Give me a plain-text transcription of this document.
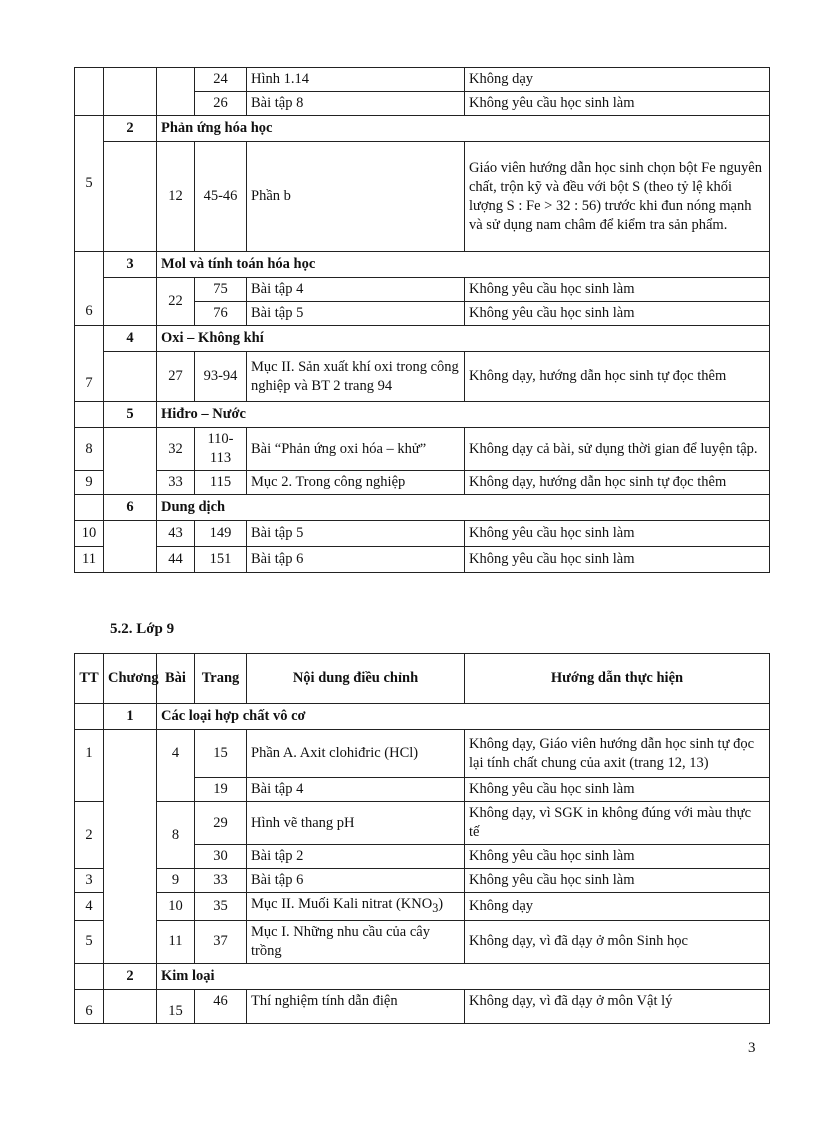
			24	Hình 1.14	Không dạy
			26	Bài tập 8	Không yêu cầu học sinh làm
5	2	Phản ứng hóa học			
		12	45-46	Phần b	Giáo viên hướng dẫn học sinh chọn bột Fe nguyên chất, trộn kỹ và đều với bột S (theo tỷ lệ khối lượng S : Fe > 32 : 56) trước khi đun nóng mạnh và sử dụng nam châm để kiểm tra sản phẩm.
6	3	Mol và tính toán hóa học			
		22	75	Bài tập 4	Không yêu cầu học sinh làm
			76	Bài tập 5	Không yêu cầu học sinh làm
7	4	Oxi – Không khí			
		27	93-94	Mục II. Sản xuất khí oxi trong công nghiệp và BT 2 trang 94	Không dạy, hướng dẫn học sinh tự đọc thêm
	5	Hiđro – Nước			
8		32	110-113	Bài “Phản ứng oxi hóa – khử”	Không dạy cả bài, sử dụng thời gian để luyện tập.
9		33	115	Mục 2. Trong công nghiệp	Không dạy, hướng dẫn học sinh tự đọc thêm
	6	Dung dịch			
10		43	149	Bài tập 5	Không yêu cầu học sinh làm
11		44	151	Bài tập 6	Không yêu cầu học sinh làm
5.2. Lớp 9
TT	Chương	Bài	Trang	Nội dung điều chỉnh	Hướng dẫn thực hiện
	1	Các loại hợp chất vô cơ			
1		4	15	Phần A. Axit clohiđric (HCl)	Không dạy, Giáo viên hướng dẫn học sinh tự đọc lại tính chất chung của axit (trang 12, 13)
			19	Bài tập 4	Không yêu cầu học sinh làm
2		8	29	Hình vẽ thang pH	Không dạy, vì SGK in không đúng với màu thực tế
			30	Bài tập 2	Không yêu cầu học sinh làm
3		9	33	Bài tập 6	Không yêu cầu học sinh làm
4		10	35	Mục II. Muối Kali nitrat $(KNO_3)$	Không dạy
5		11	37	Mục I. Những nhu cầu của cây trồng	Không dạy, vì đã dạy ở môn Sinh học
	2	Kim loại			
6		15	46	Thí nghiệm tính dẫn điện	Không dạy, vì đã dạy ở môn Vật lý
3
